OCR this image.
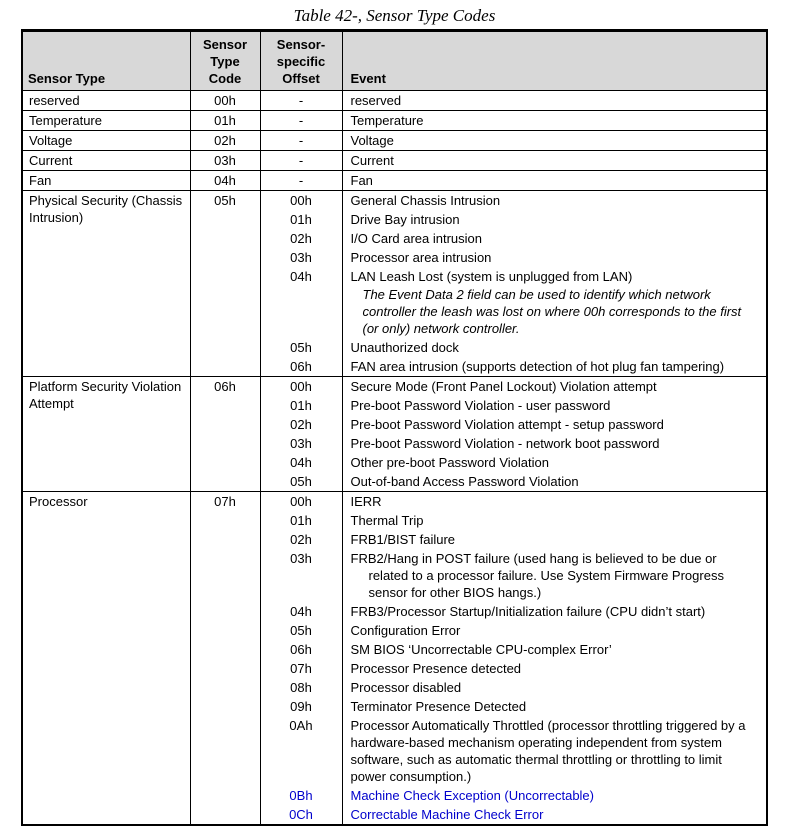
Table 42-, Sensor Type Codes
Sensor Type	Sensor Type Code	Sensor-specific Offset	Event
reserved	00h	-	reserved

Temperature	01h	-	Temperature

Voltage	02h	-	Voltage

Current	03h	-	Current

Fan	04h	-	Fan

Physical Security (Chassis Intrusion)	05h	00h	General Chassis Intrusion

		01h	Drive Bay intrusion

		02h	I/O Card area intrusion

		03h	Processor area intrusion

		04h	LAN Leash Lost (system is unplugged from LAN)
The Event Data 2 field can be used to identify which network controller the leash was lost on where 00h corresponds to the first (or only) network controller.

		05h	Unauthorized dock

		06h	FAN area intrusion (supports detection of hot plug fan tampering)

Platform Security Violation Attempt	06h	00h	Secure Mode (Front Panel Lockout) Violation attempt

		01h	Pre-boot Password Violation - user password

		02h	Pre-boot Password Violation attempt - setup password

		03h	Pre-boot Password Violation - network boot password

		04h	Other pre-boot Password Violation

		05h	Out-of-band Access Password Violation

Processor	07h	00h	IERR

		01h	Thermal Trip

		02h	FRB1/BIST failure

		03h	FRB2/Hang in POST failure (used hang is believed to be due or related to a processor failure. Use System Firmware Progress sensor for other BIOS hangs.)

		04h	FRB3/Processor Startup/Initialization failure (CPU didn’t start)

		05h	Configuration Error

		06h	SM BIOS ‘Uncorrectable CPU-complex Error’

		07h	Processor Presence detected

		08h	Processor disabled

		09h	Terminator Presence Detected

		0Ah	Processor Automatically Throttled (processor throttling triggered by a hardware-based mechanism operating independent from system software, such as automatic thermal throttling or throttling to limit power consumption.)

		0Bh	Machine Check Exception (Uncorrectable)

		0Ch	Correctable Machine Check Error
